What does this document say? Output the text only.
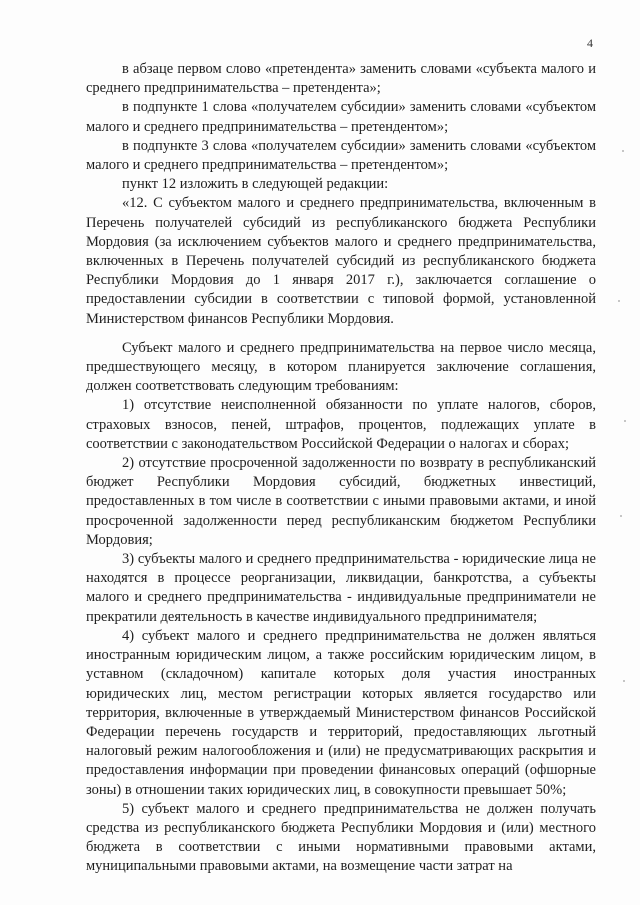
4

в абзаце первом слово «претендента» заменить словами «субъекта малого и среднего предпринимательства – претендента»;

в подпункте 1 слова «получателем субсидии» заменить словами «субъектом малого и среднего предпринимательства – претендентом»;

в подпункте 3 слова «получателем субсидии» заменить словами «субъектом малого и среднего предпринимательства – претендентом»;

пункт 12 изложить в следующей редакции:

«12. С субъектом малого и среднего предпринимательства, включенным в Перечень получателей субсидий из республиканского бюджета Республики Мордовия (за исключением субъектов малого и среднего предпринимательства, включенных в Перечень получателей субсидий из республиканского бюджета Республики Мордовия до 1 января 2017 г.), заключается соглашение о предоставлении субсидии в соответствии с типовой формой, установленной Министерством финансов Республики Мордовия.

Субъект малого и среднего предпринимательства на первое число месяца, предшествующего месяцу, в котором планируется заключение соглашения, должен соответствовать следующим требованиям:

1) отсутствие неисполненной обязанности по уплате налогов, сборов, страховых взносов, пеней, штрафов, процентов, подлежащих уплате в соответствии с законодательством Российской Федерации о налогах и сборах;

2) отсутствие просроченной задолженности по возврату в республиканский бюджет Республики Мордовия субсидий, бюджетных инвестиций, предоставленных в том числе в соответствии с иными правовыми актами, и иной просроченной задолженности перед республиканским бюджетом Республики Мордовия;

3) субъекты малого и среднего предпринимательства - юридические лица не находятся в процессе реорганизации, ликвидации, банкротства, а субъекты малого и среднего предпринимательства - индивидуальные предприниматели не прекратили деятельность в качестве индивидуального предпринимателя;

4) субъект малого и среднего предпринимательства не должен являться иностранным юридическим лицом, а также российским юридическим лицом, в уставном (складочном) капитале которых доля участия иностранных юридических лиц, местом регистрации которых является государство или территория, включенные в утверждаемый Министерством финансов Российской Федерации перечень государств и территорий, предоставляющих льготный налоговый режим налогообложения и (или) не предусматривающих раскрытия и предоставления информации при проведении финансовых операций (офшорные зоны) в отношении таких юридических лиц, в совокупности превышает 50%;

5) субъект малого и среднего предпринимательства не должен получать средства из республиканского бюджета Республики Мордовия и (или) местного бюджета в соответствии с иными нормативными правовыми актами, муниципальными правовыми актами, на возмещение части затрат на
